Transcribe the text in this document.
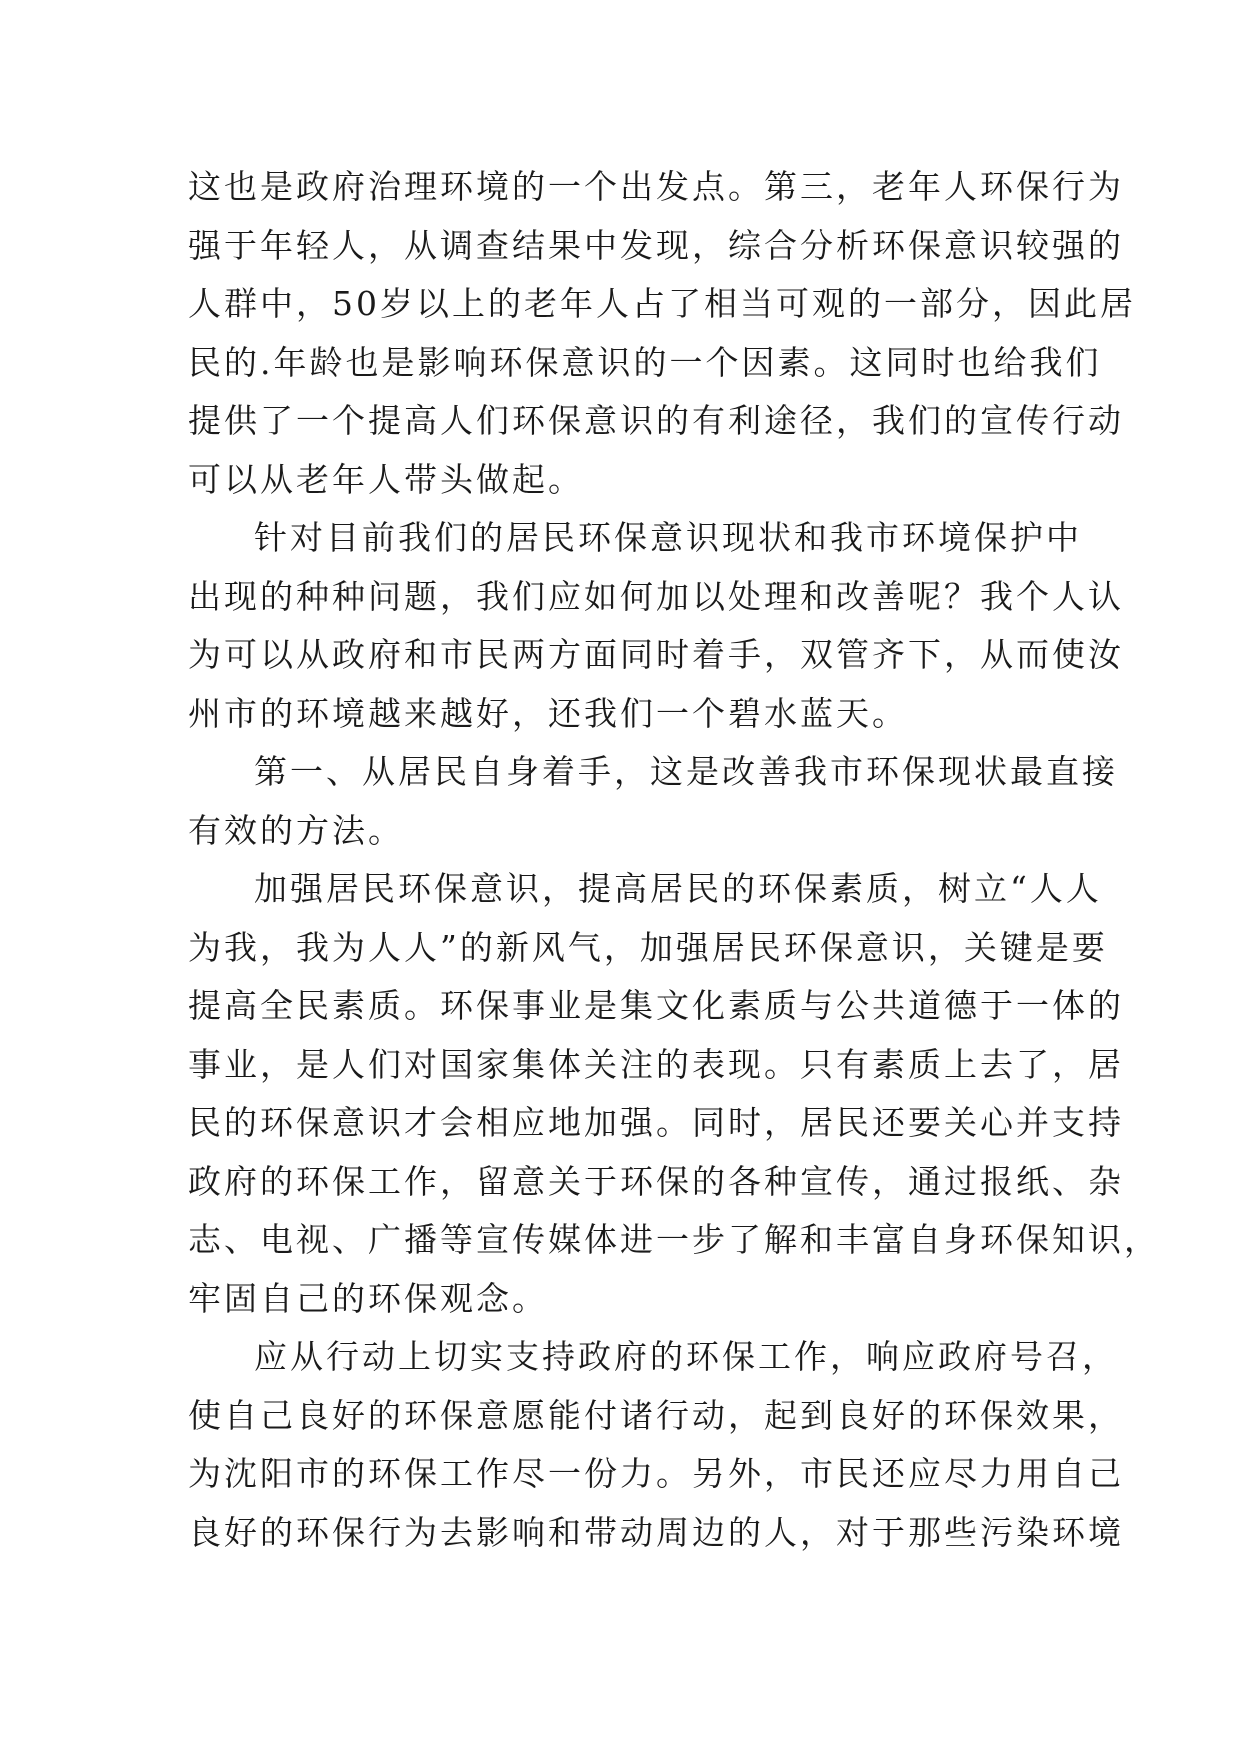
这 也 是 政 府 治 理 环 境 的 一 个 出 发 点 。 第 三 ， 老 年 人 环 保 行 为
强 于 年 轻 人 ， 从 调 查 结 果 中 发 现 ， 综 合 分 析 环 保 意 识 较 强 的
人 群 中 ， 50 岁 以 上 的 老 年 人 占 了 相 当 可 观 的 一 部 分 ， 因 此 居
民 的 . 年 龄 也 是 影 响 环 保 意 识 的 一 个 因 素 。 这 同 时 也 给 我 们
提 供 了 一 个 提 高 人 们 环 保 意 识 的 有 利 途 径 ， 我 们 的 宣 传 行 动
可以从老年人带头做起。
针 对 目 前 我 们 的 居 民 环 保 意 识 现 状 和 我 市 环 境 保 护 中
出 现 的 种 种 问 题 ， 我 们 应 如 何 加 以 处 理 和 改 善 呢 ？ 我 个 人 认
为 可 以 从 政 府 和 市 民 两 方 面 同 时 着 手 ， 双 管 齐 下 ， 从 而 使 汝
州市的环境越来越好，还我们一个碧水蓝天。
第 一 、 从 居 民 自 身 着 手 ， 这 是 改 善 我 市 环 保 现 状 最 直 接
有效的方法。
加 强 居 民 环 保 意 识 ， 提 高 居 民 的 环 保 素 质 ， 树 立 “ 人 人
为 我 ， 我 为 人 人 ” 的 新 风 气 ， 加 强 居 民 环 保 意 识 ， 关 键 是 要
提 高 全 民 素 质 。 环 保 事 业 是 集 文 化 素 质 与 公 共 道 德 于 一 体 的
事 业 ， 是 人 们 对 国 家 集 体 关 注 的 表 现 。 只 有 素 质 上 去 了 ， 居
民 的 环 保 意 识 才 会 相 应 地 加 强 。 同 时 ， 居 民 还 要 关 心 并 支 持
政 府 的 环 保 工 作 ， 留 意 关 于 环 保 的 各 种 宣 传 ， 通 过 报 纸 、 杂
志 、 电 视 、 广 播 等 宣 传 媒 体 进 一 步 了 解 和 丰 富 自 身 环 保 知 识 ，
牢固自己的环保观念。
应 从 行 动 上 切 实 支 持 政 府 的 环 保 工 作 ， 响 应 政 府 号 召 ，
使 自 己 良 好 的 环 保 意 愿 能 付 诸 行 动 ， 起 到 良 好 的 环 保 效 果 ，
为 沈 阳 市 的 环 保 工 作 尽 一 份 力 。 另 外 ， 市 民 还 应 尽 力 用 自 己
良 好 的 环 保 行 为 去 影 响 和 带 动 周 边 的 人 ， 对 于 那 些 污 染 环 境
